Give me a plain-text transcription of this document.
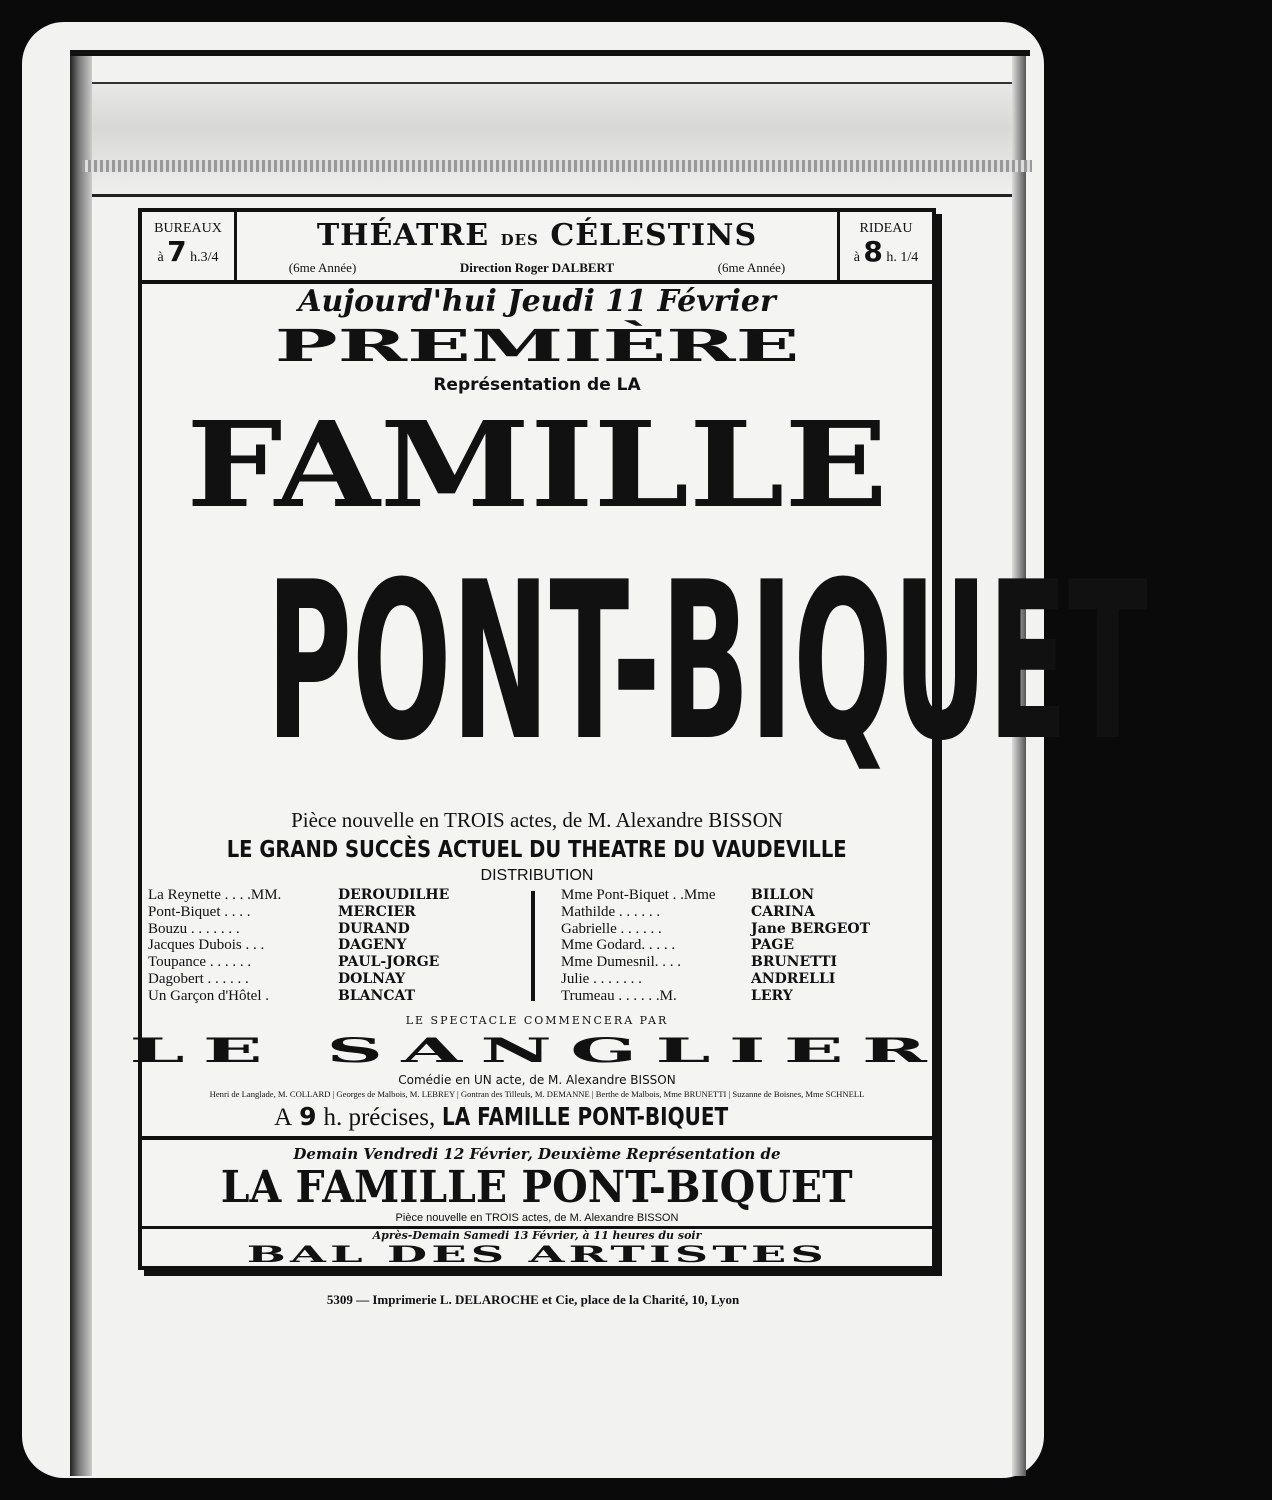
BUREAUX
à 7 h.3/4
THÉATRE DES CÉLESTINS
(6me Année)	Direction Roger DALBERT	(6me Année)
RIDEAU
à 8 h. 1/4
Aujourd'hui Jeudi 11 Février
PREMIÈRE
Représentation de LA
FAMILLE
PONT-BIQUET
Pièce nouvelle en TROIS actes, de M. Alexandre BISSON
LE GRAND SUCCÈS ACTUEL DU THEATRE DU VAUDEVILLE
DISTRIBUTION
La Reynette . . . .MM.	DEROUDILHE
Pont-Biquet . . . .	MERCIER
Bouzu . . . . . . .	DURAND
Jacques Dubois . . .	DAGENY
Toupance . . . . . .	PAUL-JORGE
Dagobert . . . . . .	DOLNAY
Un Garçon d'Hôtel .	BLANCAT
Mme Pont-Biquet . .Mme	BILLON
Mathilde . . . . . .	CARINA
Gabrielle . . . . . .	Jane BERGEOT
Mme Godard. . . . .	PAGE
Mme Dumesnil. . . .	BRUNETTI
Julie . . . . . . .	ANDRELLI
Trumeau . . . . . .M.	LERY
LE SPECTACLE COMMENCERA PAR
LE SANGLIER
Comédie en UN acte, de M. Alexandre BISSON
Henri de Langlade, M. COLLARD | Georges de Malbois, M. LEBREY | Gontran des Tilleuls, M. DEMANNE | Berthe de Malbois, Mme BRUNETTI | Suzanne de Boisnes, Mme SCHNELL
A 9 h. précises, LA FAMILLE PONT-BIQUET
Demain Vendredi 12 Février, Deuxième Représentation de
LA FAMILLE PONT-BIQUET
Pièce nouvelle en TROIS actes, de M. Alexandre BISSON
Après-Demain Samedi 13 Février, à 11 heures du soir
BAL DES ARTISTES
5309 — Imprimerie L. DELAROCHE et Cie, place de la Charité, 10, Lyon
